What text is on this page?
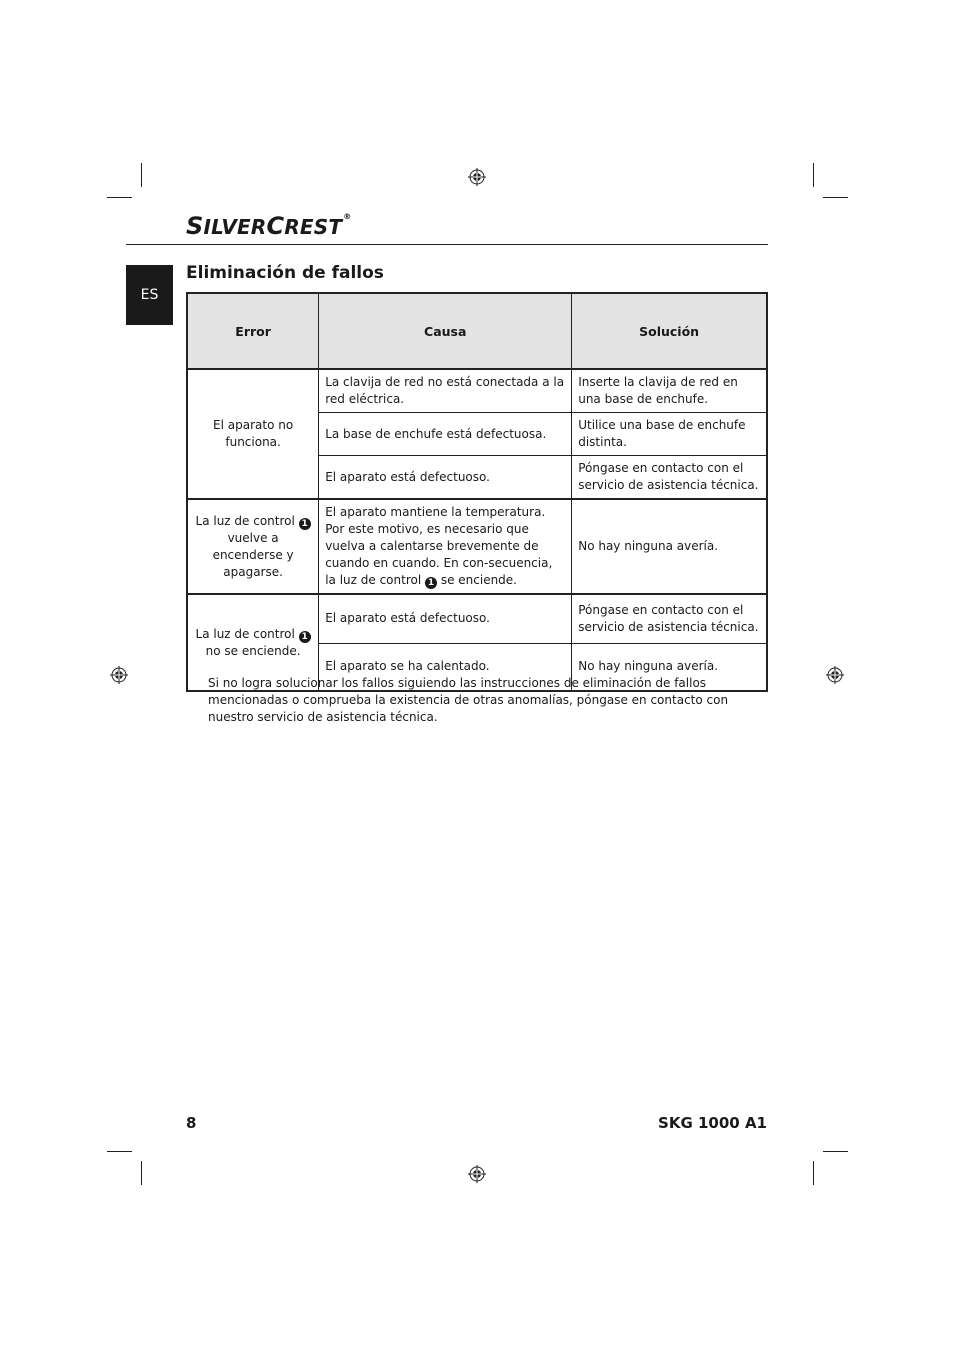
SILVERCREST®
ES
Eliminación de fallos
Error	Causa	Solución
El aparato no funciona.	La clavija de red no está conectada a la red eléctrica.	Inserte la clavija de red en una base de enchufe.
	La base de enchufe está defectuosa.	Utilice una base de enchufe distinta.
	El aparato está defectuoso.	Póngase en contacto con el servicio de asistencia técnica.
La luz de control 1 vuelve a encenderse y apagarse.	El aparato mantiene la temperatura. Por este motivo, es necesario que vuelva a calentarse brevemente de cuando en cuando. En con-secuencia, la luz de control 1 se enciende.	No hay ninguna avería.
La luz de control 1 no se enciende.	El aparato está defectuoso.	Póngase en contacto con el servicio de asistencia técnica.
	El aparato se ha calentado.	No hay ninguna avería.

Si no logra solucionar los fallos siguiendo las instrucciones de eliminación de fallos mencionadas o comprueba la existencia de otras anomalías, póngase en contacto con nuestro servicio de asistencia técnica.

8	SKG 1000 A1
